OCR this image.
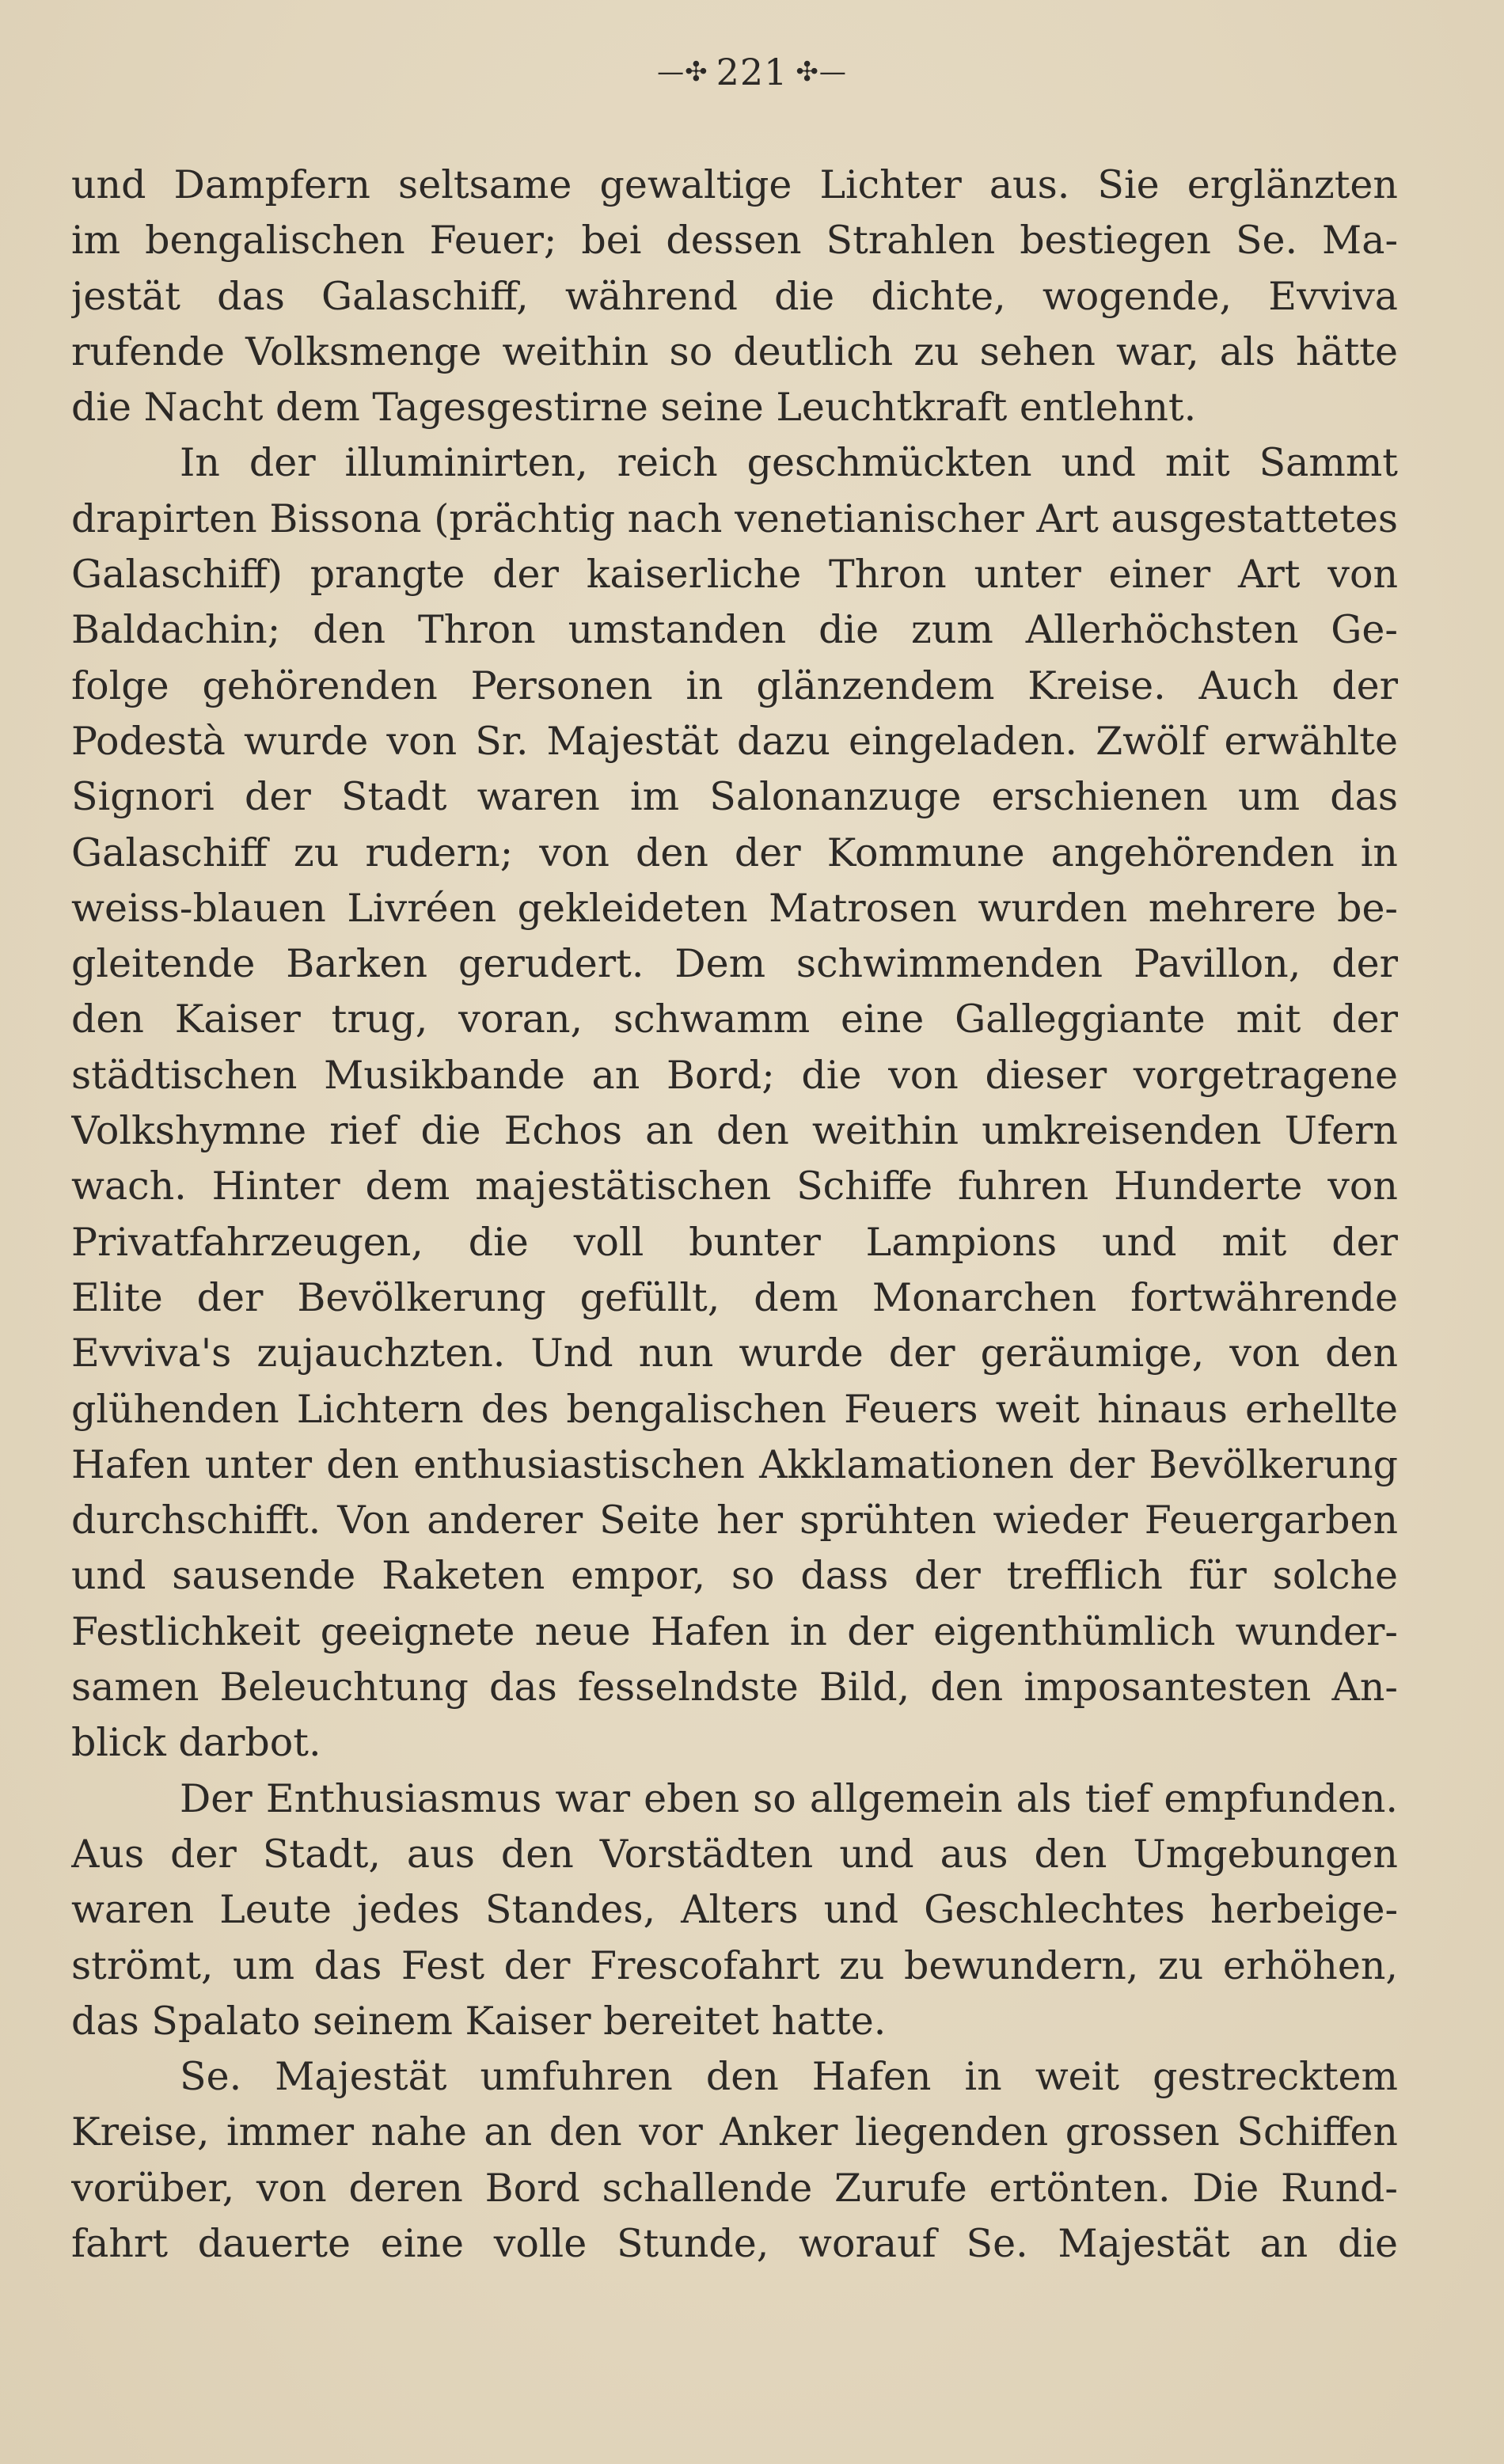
—✣ 221 ✣—
und Dampfern seltsame gewaltige Lichter aus. Sie erglänzten
im bengalischen Feuer; bei dessen Strahlen bestiegen Se. Ma-
jestät das Galaschiff, während die dichte, wogende, Evviva
rufende Volksmenge weithin so deutlich zu sehen war, als hätte
die Nacht dem Tagesgestirne seine Leuchtkraft entlehnt.
In der illuminirten, reich geschmückten und mit Sammt
drapirten Bissona (prächtig nach venetianischer Art ausgestattetes
Galaschiff) prangte der kaiserliche Thron unter einer Art von
Baldachin; den Thron umstanden die zum Allerhöchsten Ge-
folge gehörenden Personen in glänzendem Kreise. Auch der
Podestà wurde von Sr. Majestät dazu eingeladen. Zwölf erwählte
Signori der Stadt waren im Salonanzuge erschienen um das
Galaschiff zu rudern; von den der Kommune angehörenden in
weiss-blauen Livréen gekleideten Matrosen wurden mehrere be-
gleitende Barken gerudert. Dem schwimmenden Pavillon, der
den Kaiser trug, voran, schwamm eine Galleggiante mit der
städtischen Musikbande an Bord; die von dieser vorgetragene
Volkshymne rief die Echos an den weithin umkreisenden Ufern
wach. Hinter dem majestätischen Schiffe fuhren Hunderte von
Privatfahrzeugen, die voll bunter Lampions und mit der
Elite der Bevölkerung gefüllt, dem Monarchen fortwährende
Evviva's zujauchzten. Und nun wurde der geräumige, von den
glühenden Lichtern des bengalischen Feuers weit hinaus erhellte
Hafen unter den enthusiastischen Akklamationen der Bevölkerung
durchschifft. Von anderer Seite her sprühten wieder Feuergarben
und sausende Raketen empor, so dass der trefflich für solche
Festlichkeit geeignete neue Hafen in der eigenthümlich wunder-
samen Beleuchtung das fesselndste Bild, den imposantesten An-
blick darbot.
Der Enthusiasmus war eben so allgemein als tief empfunden.
Aus der Stadt, aus den Vorstädten und aus den Umgebungen
waren Leute jedes Standes, Alters und Geschlechtes herbeige-
strömt, um das Fest der Frescofahrt zu bewundern, zu erhöhen,
das Spalato seinem Kaiser bereitet hatte.
Se. Majestät umfuhren den Hafen in weit gestrecktem
Kreise, immer nahe an den vor Anker liegenden grossen Schiffen
vorüber, von deren Bord schallende Zurufe ertönten. Die Rund-
fahrt dauerte eine volle Stunde, worauf Se. Majestät an die
